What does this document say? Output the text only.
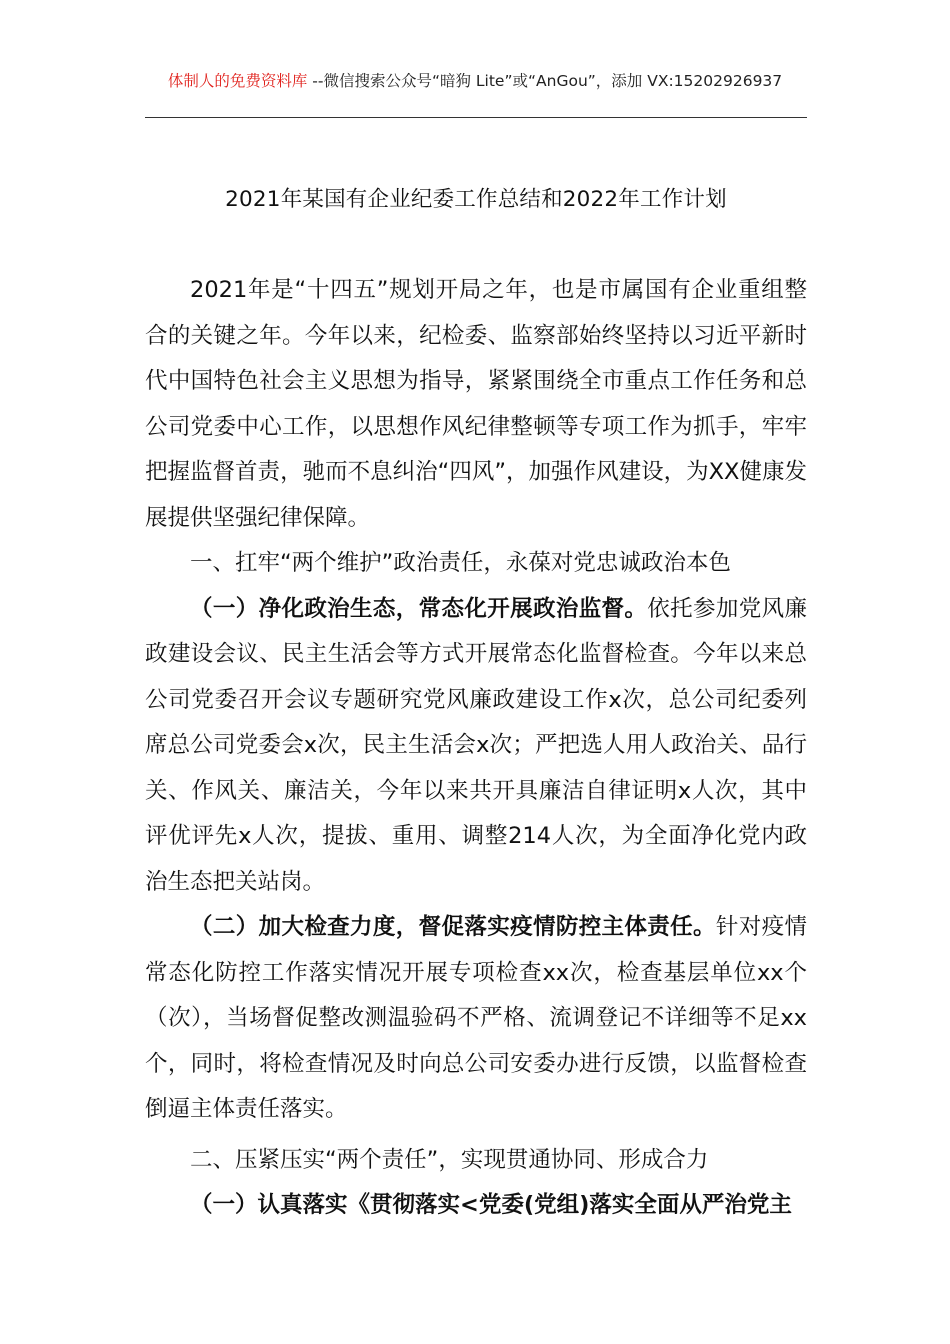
体制人的免费资料库 --微信搜索公众号“暗狗 Lite”或“AnGou”，添加 VX:15202926937
2021年某国有企业纪委工作总结和2022年工作计划

2021年是“十四五”规划开局之年，也是市属国有企业重组整合的关键之年。今年以来，纪检委、监察部始终坚持以习近平新时代中国特色社会主义思想为指导，紧紧围绕全市重点工作任务和总公司党委中心工作，以思想作风纪律整顿等专项工作为抓手，牢牢把握监督首责，驰而不息纠治“四风”，加强作风建设，为XX健康发展提供坚强纪律保障。

一、扛牢“两个维护”政治责任，永葆对党忠诚政治本色

（一）净化政治生态，常态化开展政治监督。依托参加党风廉政建设会议、民主生活会等方式开展常态化监督检查。今年以来总公司党委召开会议专题研究党风廉政建设工作x次，总公司纪委列席总公司党委会x次，民主生活会x次；严把选人用人政治关、品行关、作风关、廉洁关，今年以来共开具廉洁自律证明x人次，其中评优评先x人次，提拔、重用、调整214人次，为全面净化党内政治生态把关站岗。

（二）加大检查力度，督促落实疫情防控主体责任。针对疫情常态化防控工作落实情况开展专项检查xx次，检查基层单位xx个（次），当场督促整改测温验码不严格、流调登记不详细等不足xx个，同时，将检查情况及时向总公司安委办进行反馈，以监督检查倒逼主体责任落实。

二、压紧压实“两个责任”，实现贯通协同、形成合力

（一）认真落实《贯彻落实<党委(党组)落实全面从严治党主
